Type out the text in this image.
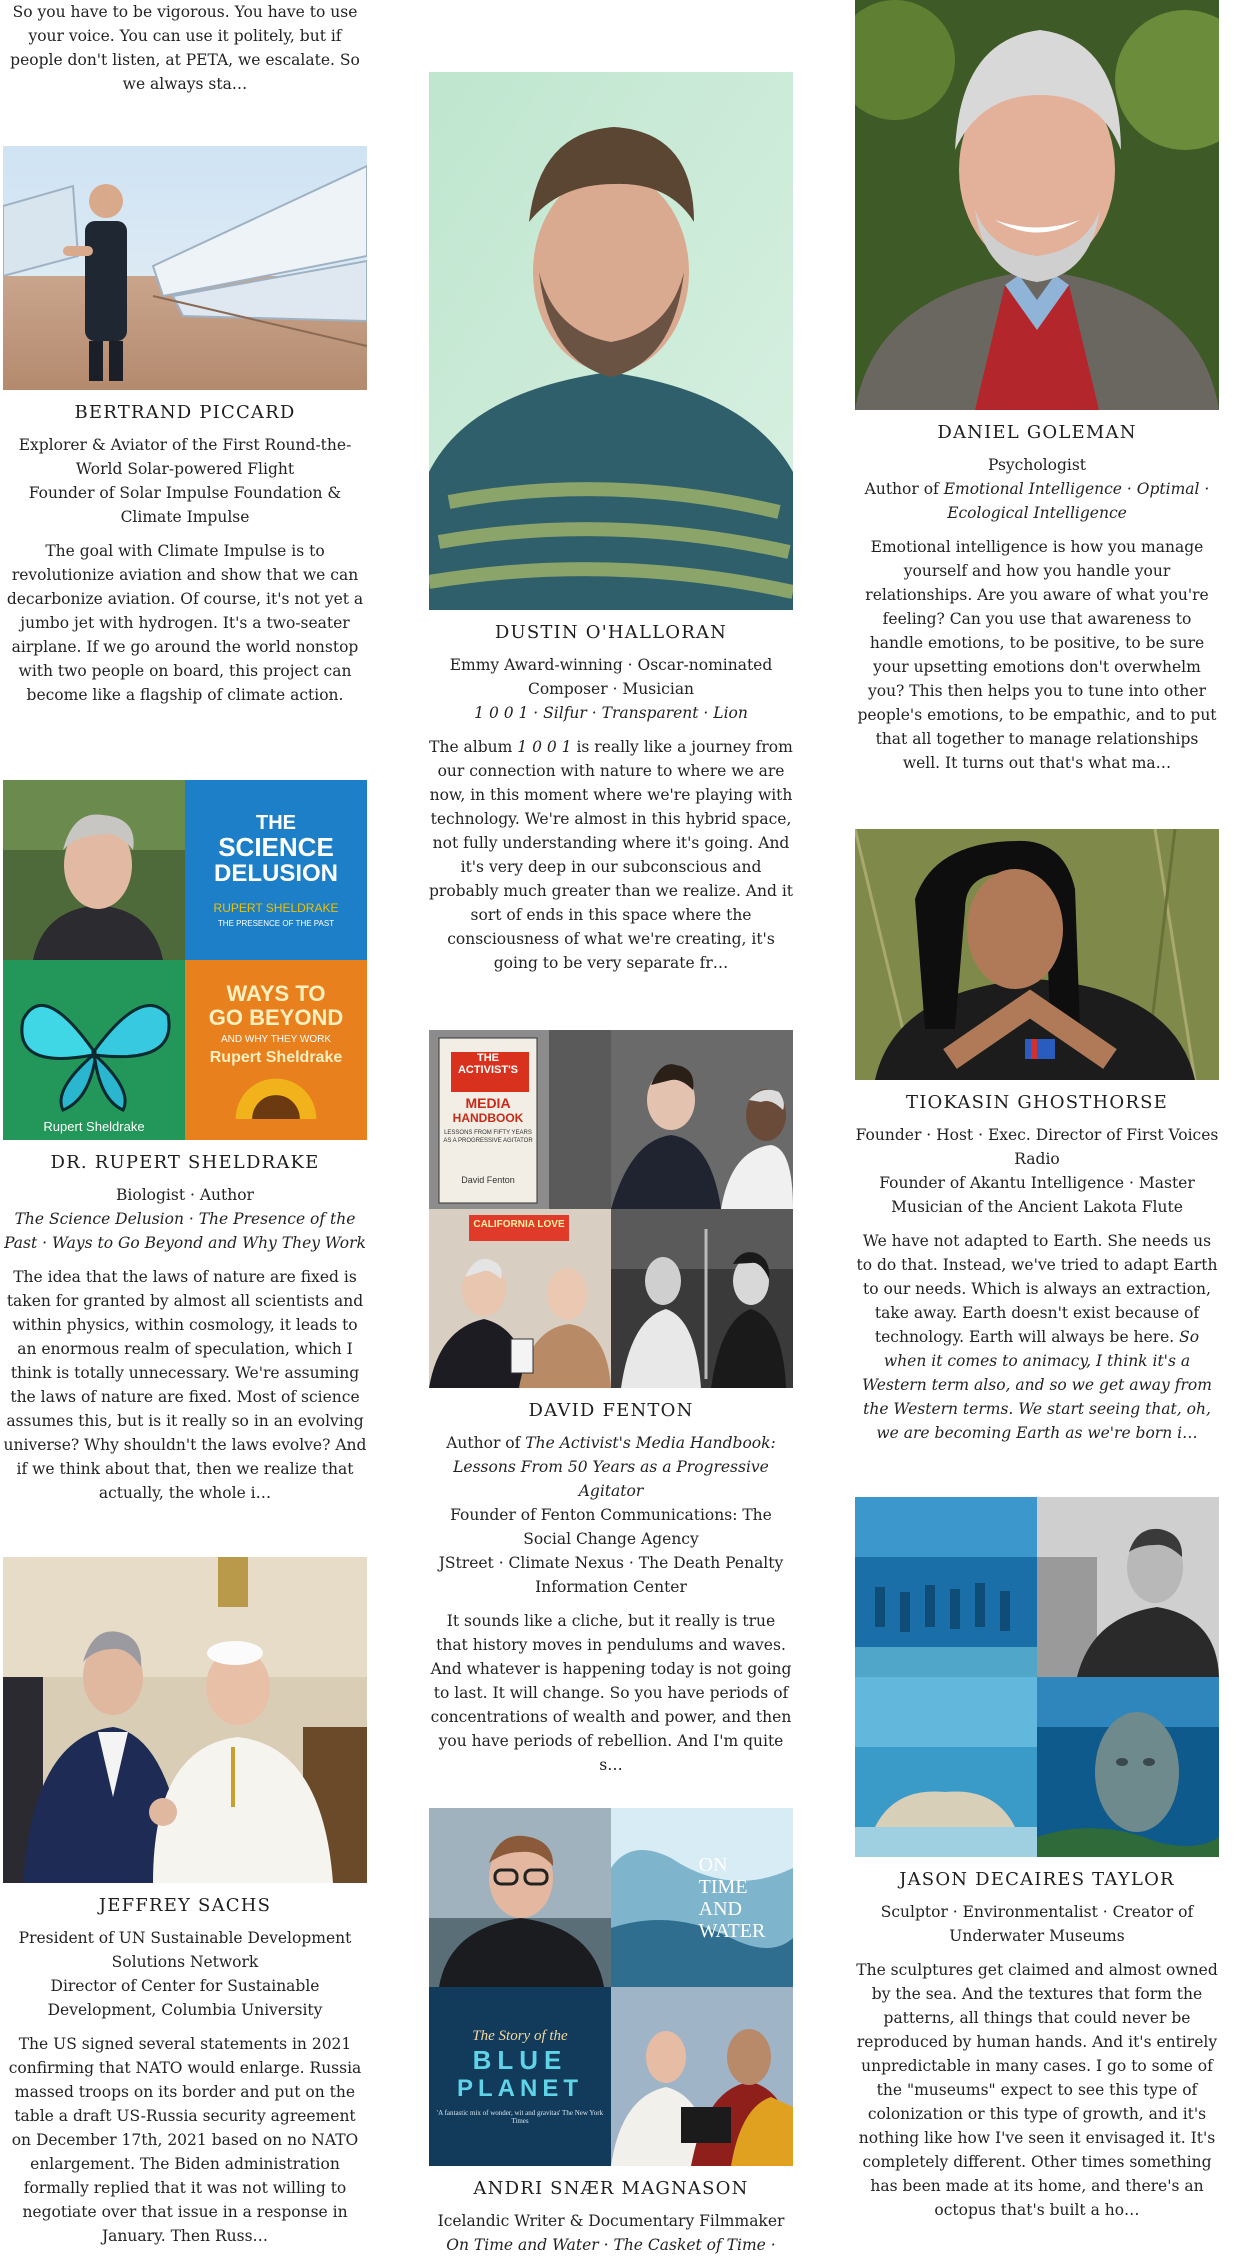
So you have to be vigorous. You have to use your voice. You can use it politely, but if people don't listen, at PETA, we escalate. So we always sta…

BERTRAND PICCARD

Explorer & Aviator of the First Round-the-World Solar-powered Flight

Founder of Solar Impulse Foundation & Climate Impulse

The goal with Climate Impulse is to revolutionize aviation and show that we can decarbonize aviation. Of course, it's not yet a jumbo jet with hydrogen. It's a two-seater airplane. If we go around the world nonstop with two people on board, this project can become like a flagship of climate action.

THE
SCIENCE
DELUSION
RUPERT SHELDRAKE
THE PRESENCE OF THE PAST
Rupert Sheldrake
WAYS TO
GO BEYOND
AND WHY THEY WORK
Rupert Sheldrake
DR. RUPERT SHELDRAKE

Biologist · Author

The Science Delusion · The Presence of the Past · Ways to Go Beyond and Why They Work

The idea that the laws of nature are fixed is taken for granted by almost all scientists and within physics, within cosmology, it leads to an enormous realm of speculation, which I think is totally unnecessary. We're assuming the laws of nature are fixed. Most of science assumes this, but is it really so in an evolving universe? Why shouldn't the laws evolve? And if we think about that, then we realize that actually, the whole i…

JEFFREY SACHS

President of UN Sustainable Development Solutions Network

Director of Center for Sustainable Development, Columbia University

The US signed several statements in 2021 confirming that NATO would enlarge. Russia massed troops on its border and put on the table a draft US-Russia security agreement on December 17th, 2021 based on no NATO enlargement. The Biden administration formally replied that it was not willing to negotiate over that issue in a response in January. Then Russ…

DUSTIN O'HALLORAN

Emmy Award-winning · Oscar-nominated Composer · Musician

1 0 0 1 · Silfur · Transparent · Lion

The album 1 0 0 1 is really like a journey from our connection with nature to where we are now, in this moment where we're playing with technology. We're almost in this hybrid space, not fully understanding where it's going. And it's very deep in our subconscious and probably much greater than we realize. And it sort of ends in this space where the consciousness of what we're creating, it's going to be very separate fr…

THE
ACTIVIST'S
MEDIA
HANDBOOK
LESSONS FROM FIFTY YEARS AS A PROGRESSIVE AGITATOR
David Fenton
CALIFORNIA LOVE
DAVID FENTON

Author of The Activist's Media Handbook: Lessons From 50 Years as a Progressive Agitator

Founder of Fenton Communications: The Social Change Agency

JStreet · Climate Nexus · The Death Penalty Information Center

It sounds like a cliche, but it really is true that history moves in pendulums and waves. And whatever is happening today is not going to last. It will change. So you have periods of concentrations of wealth and power, and then you have periods of rebellion. And I'm quite s…

ON
TIME
AND
WATER
The Story of the
BLUE
PLANET
'A fantastic mix of wonder, wit and gravitas' The New York Times
ANDRI SNÆR MAGNASON

Icelandic Writer & Documentary Filmmaker

On Time and Water · The Casket of Time ·

DANIEL GOLEMAN

Psychologist

Author of Emotional Intelligence · Optimal · Ecological Intelligence

Emotional intelligence is how you manage yourself and how you handle your relationships. Are you aware of what you're feeling? Can you use that awareness to handle emotions, to be positive, to be sure your upsetting emotions don't overwhelm you? This then helps you to tune into other people's emotions, to be empathic, and to put that all together to manage relationships well. It turns out that's what ma…

TIOKASIN GHOSTHORSE

Founder · Host · Exec. Director of First Voices Radio

Founder of Akantu Intelligence · Master Musician of the Ancient Lakota Flute

We have not adapted to Earth. She needs us to do that. Instead, we've tried to adapt Earth to our needs. Which is always an extraction, take away. Earth doesn't exist because of technology. Earth will always be here. So when it comes to animacy, I think it's a Western term also, and so we get away from the Western terms. We start seeing that, oh, we are becoming Earth as we're born i…

JASON DECAIRES TAYLOR

Sculptor · Environmentalist · Creator of Underwater Museums

The sculptures get claimed and almost owned by the sea. And the textures that form the patterns, all things that could never be reproduced by human hands. And it's entirely unpredictable in many cases. I go to some of the "museums" expect to see this type of colonization or this type of growth, and it's nothing like how I've seen it envisaged it. It's completely different. Other times something has been made at its home, and there's an octopus that's built a ho…
